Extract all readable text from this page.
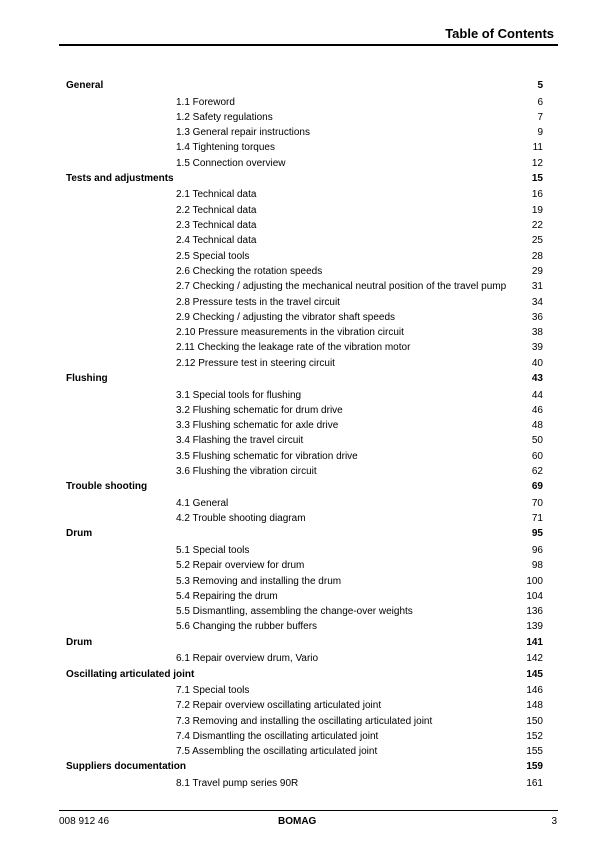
Table of Contents
General	5
1.1 Foreword	6
1.2 Safety regulations	7
1.3 General repair instructions	9
1.4 Tightening torques	11
1.5 Connection overview	12
Tests and adjustments	15
2.1 Technical data	16
2.2 Technical data	19
2.3 Technical data	22
2.4 Technical data	25
2.5 Special tools	28
2.6 Checking the rotation speeds	29
2.7 Checking / adjusting the mechanical neutral position of the travel pump	31
2.8 Pressure tests in the travel circuit	34
2.9 Checking / adjusting the vibrator shaft speeds	36
2.10 Pressure measurements in the vibration circuit	38
2.11 Checking the leakage rate of the vibration motor	39
2.12 Pressure test in steering circuit	40
Flushing	43
3.1 Special tools for flushing	44
3.2 Flushing schematic for drum drive	46
3.3 Flushing schematic for axle drive	48
3.4 Flashing the travel circuit	50
3.5 Flushing schematic for vibration drive	60
3.6 Flushing the vibration circuit	62
Trouble shooting	69
4.1 General	70
4.2 Trouble shooting diagram	71
Drum	95
5.1 Special tools	96
5.2 Repair overview for drum	98
5.3 Removing and installing the drum	100
5.4 Repairing the drum	104
5.5 Dismantling, assembling the change-over weights	136
5.6 Changing the rubber buffers	139
Drum	141
6.1 Repair overview drum, Vario	142
Oscillating articulated joint	145
7.1 Special tools	146
7.2 Repair overview oscillating articulated joint	148
7.3 Removing and installing the oscillating articulated joint	150
7.4 Dismantling the oscillating articulated joint	152
7.5 Assembling the oscillating articulated joint	155
Suppliers documentation	159
8.1 Travel pump series 90R	161
008 912 46	BOMAG	3
